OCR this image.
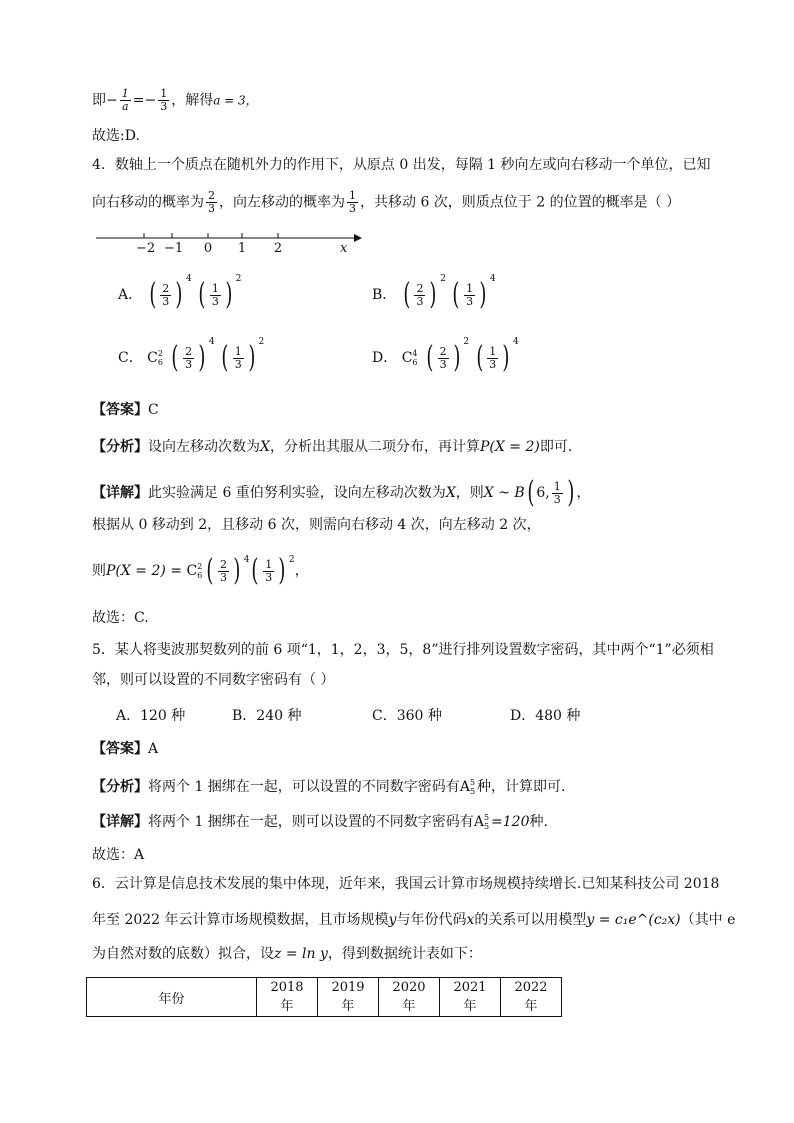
即− $\frac{1}{a} =- \frac{1}{3}$ ，解得a = 3，
故选:D.
4．数轴上一个质点在随机外力的作用下，从原点 0 出发，每隔 1 秒向左或向右移动一个单位，已知
向右移动的概率为 $\frac{2}{3}$ ，向左移动的概率为 $\frac{1}{3}$ ，共移动 6 次，则质点位于 2 的位置的概率是（ ）
−2 −1 0 1 2	x
A． ( $\frac{2}{3}$ ) $^4$ ( $\frac{1}{3}$ ) $^2$
B． ( $\frac{2}{3}$ ) $^2$ ( $\frac{1}{3}$ ) $^4$
C． C 2
6
( $\frac{2}{3}$ ) $^4$ ( $\frac{1}{3}$ ) $^2$
D． C 4
6
( $\frac{2}{3}$ ) $^2$ ( $\frac{1}{3}$ ) $^4$
【答案】C
【分析】设向左移动次数为X，分析出其服从二项分布，再计算P(X = 2)即可.
【详解】此实验满足 6 重伯努利实验，设向左移动次数为X，则X ~ B ( 6, $\frac{1}{3}$ ) ，
根据从 0 移动到 2，且移动 6 次，则需向右移动 4 次，向左移动 2 次，
则P(X = 2) = C 2
6 ( $\frac{2}{3}$ ) $^4$ ( $\frac{1}{3}$ ) $^2$，
故选：C.
5．某人将斐波那契数列的前 6 项“1，1，2，3，5，8”进行排列设置数字密码，其中两个“1”必须相
邻，则可以设置的不同数字密码有（ ）
A．120 种	B．240 种	C．360 种	D．480 种
【答案】A
【分析】将两个 1 捆绑在一起，可以设置的不同数字密码有A 5
5 种，计算即可.
【详解】将两个 1 捆绑在一起，则可以设置的不同数字密码有A 5
5 =120种.
故选：A
6．云计算是信息技术发展的集中体现，近年来，我国云计算市场规模持续增长.已知某科技公司 2018
年至 2022 年云计算市场规模数据，且市场规模y与年份代码x的关系可以用模型y = c₁e^(c₂x)（其中 e
为自然对数的底数）拟合，设z = ln y，得到数据统计表如下：
年份	2018 年	2019 年	2020 年	2021 年	2022 年
